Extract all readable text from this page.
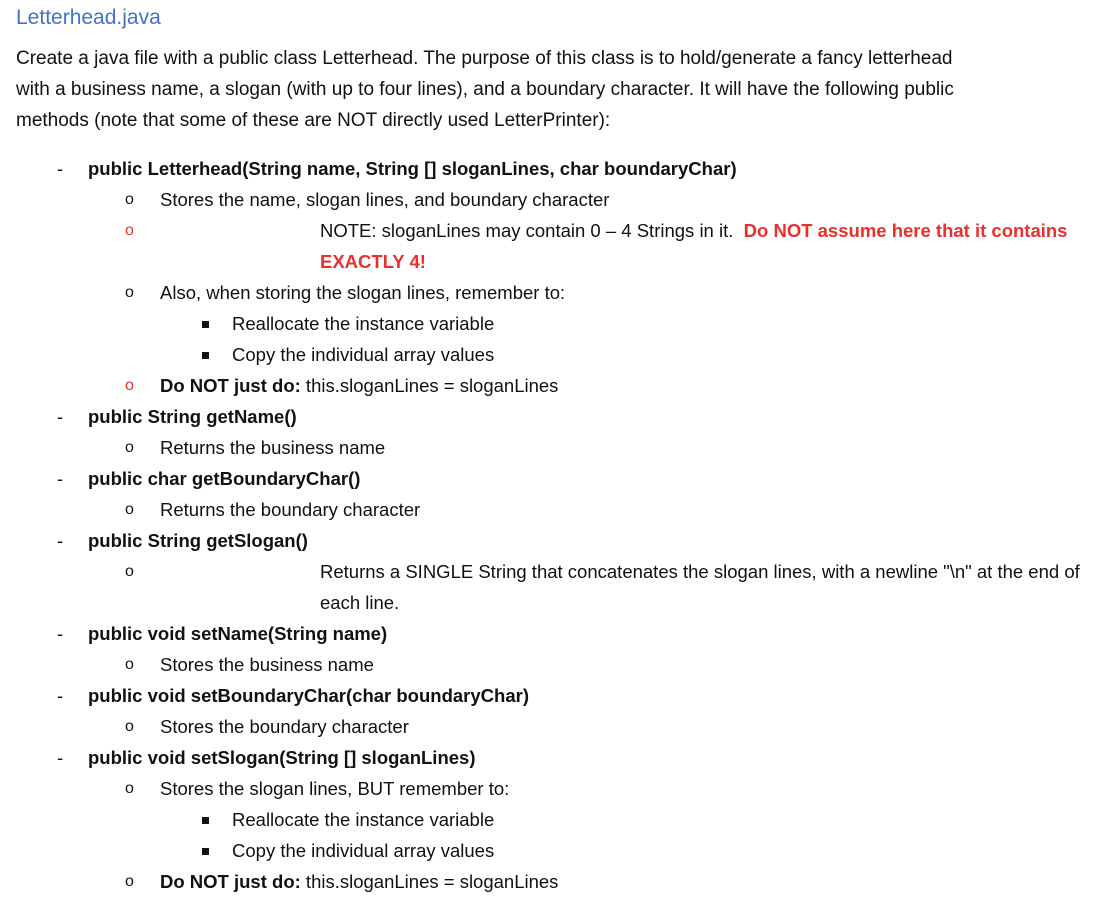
Letterhead.java
Create a java file with a public class Letterhead. The purpose of this class is to hold/generate a fancy letterhead with a business name, a slogan (with up to four lines), and a boundary character. It will have the following public methods (note that some of these are NOT directly used LetterPrinter):
- public Letterhead(String name, String [] sloganLines, char boundaryChar)
o Stores the name, slogan lines, and boundary character
o	NOTE: sloganLines may contain 0 – 4 Strings in it. Do NOT assume here that it contains EXACTLY 4!
o Also, when storing the slogan lines, remember to:
Reallocate the instance variable
Copy the individual array values
o Do NOT just do: this.sloganLines = sloganLines
- public String getName()
o Returns the business name
- public char getBoundaryChar()
o Returns the boundary character
- public String getSlogan()
o	Returns a SINGLE String that concatenates the slogan lines, with a newline "\n" at the end of each line.
- public void setName(String name)
o Stores the business name
- public void setBoundaryChar(char boundaryChar)
o Stores the boundary character
- public void setSlogan(String [] sloganLines)
o Stores the slogan lines, BUT remember to:
Reallocate the instance variable
Copy the individual array values
o Do NOT just do: this.sloganLines = sloganLines
